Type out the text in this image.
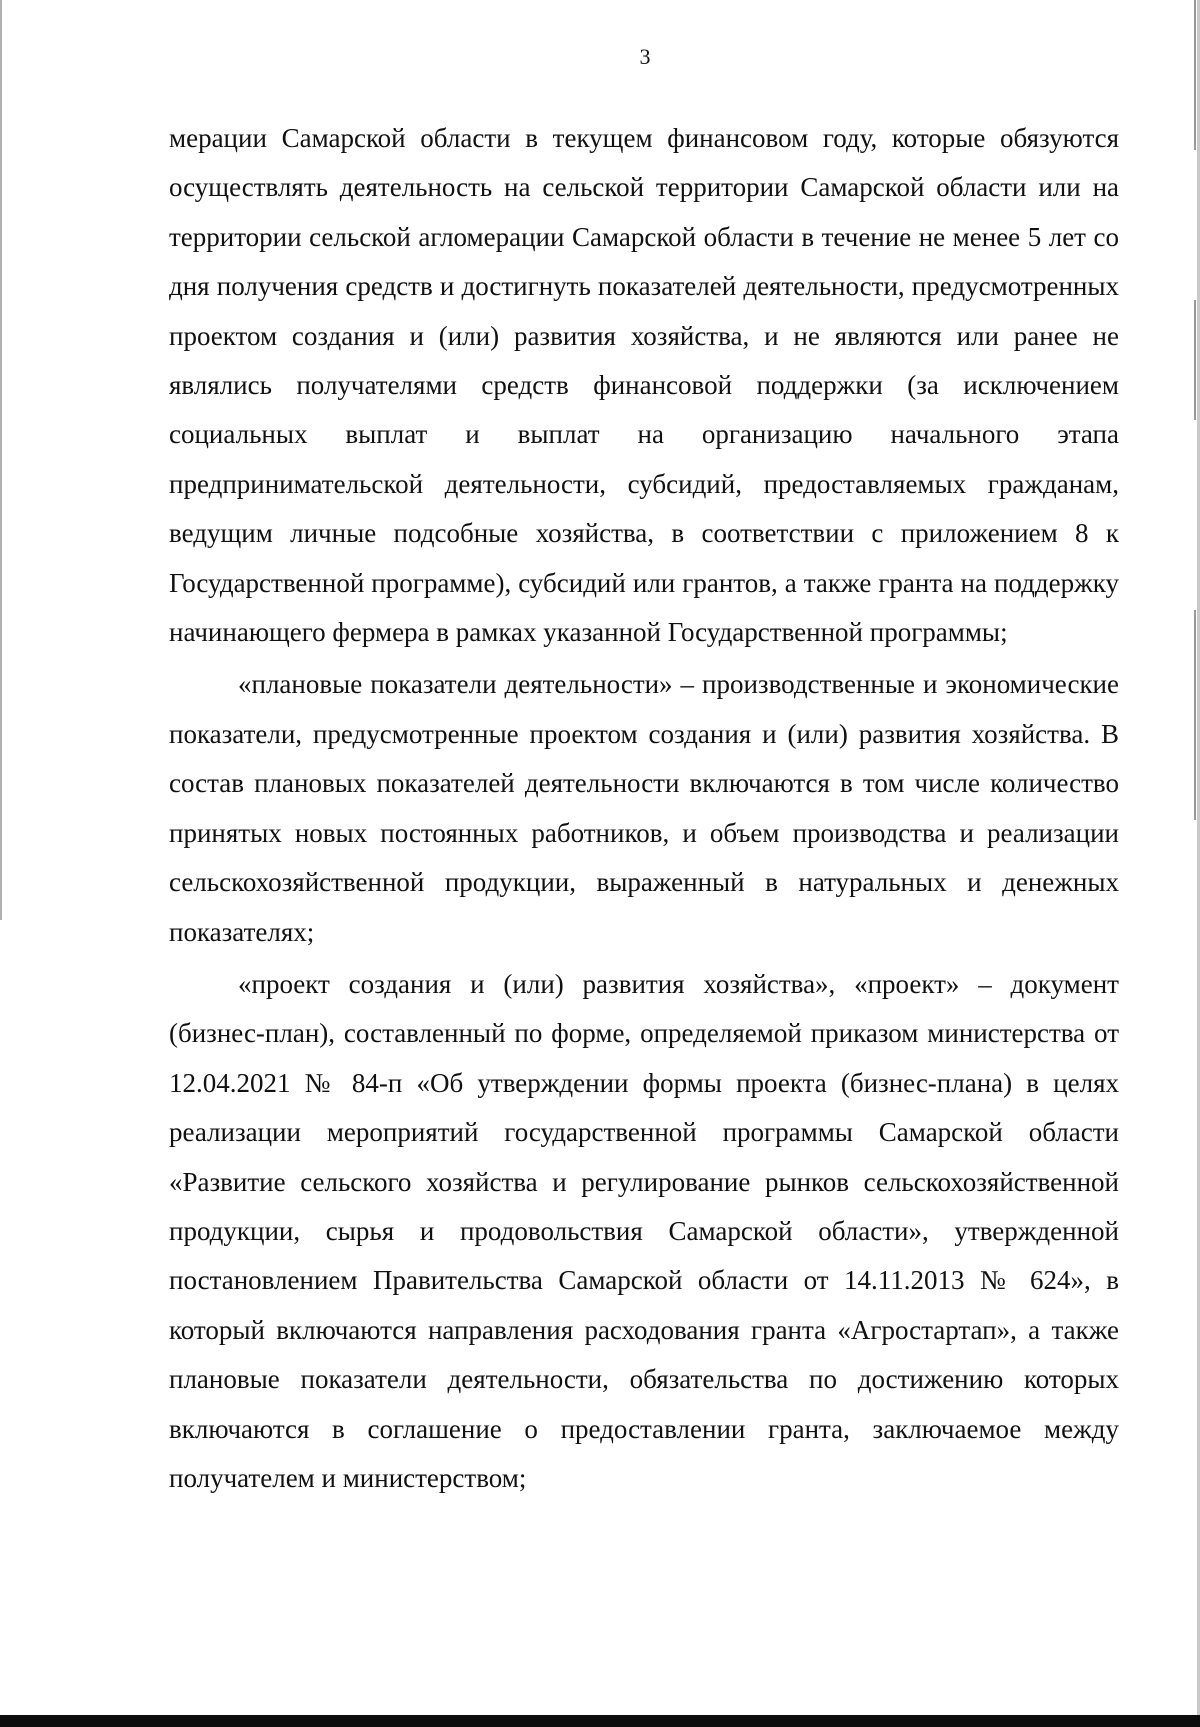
3

мерации Самарской области в текущем финансовом году, которые обязуются осуществлять деятельность на сельской территории Самарской области или на территории сельской агломерации Самарской области в течение не менее 5 лет со дня получения средств и достигнуть показателей деятельности, предусмотренных проектом создания и (или) развития хозяйства, и не являются или ранее не являлись получателями средств финансовой поддержки (за исключением социальных выплат и выплат на организацию начального этапа предпринимательской деятельности, субсидий, предоставляемых гражданам, ведущим личные подсобные хозяйства, в соответствии с приложением 8 к Государственной программе), субсидий или грантов, а также гранта на поддержку начинающего фермера в рамках указанной Государственной программы;

«плановые показатели деятельности» – производственные и экономические показатели, предусмотренные проектом создания и (или) развития хозяйства. В состав плановых показателей деятельности включаются в том числе количество принятых новых постоянных работников, и объем производства и реализации сельскохозяйственной продукции, выраженный в натуральных и денежных показателях;

«проект создания и (или) развития хозяйства», «проект» – документ (бизнес-план), составленный по форме, определяемой приказом министерства от 12.04.2021 № 84-п «Об утверждении формы проекта (бизнес-плана) в целях реализации мероприятий государственной программы Самарской области «Развитие сельского хозяйства и регулирование рынков сельскохозяйственной продукции, сырья и продовольствия Самарской области», утвержденной постановлением Правительства Самарской области от 14.11.2013 № 624», в который включаются направления расходования гранта «Агростартап», а также плановые показатели деятельности, обязательства по достижению которых включаются в соглашение о предоставлении гранта, заключаемое между получателем и министерством;
